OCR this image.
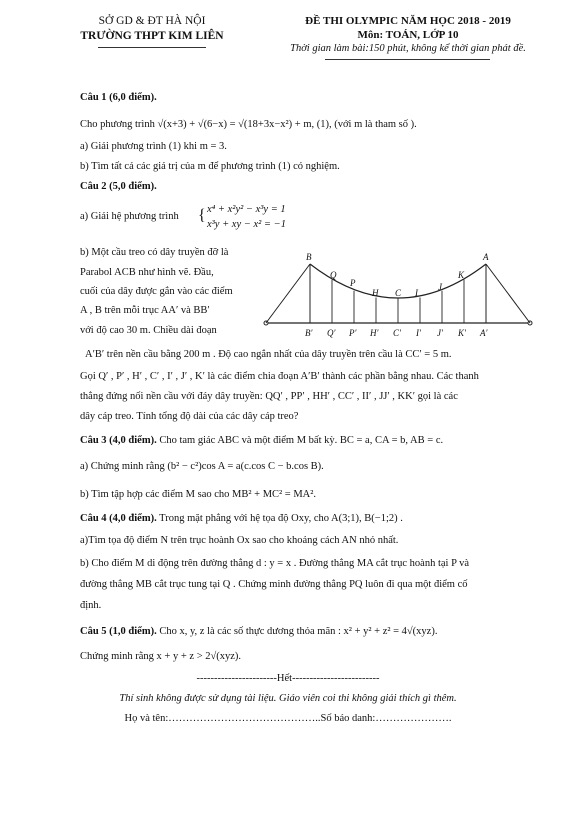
SỞ GD & ĐT HÀ NỘI
TRƯỜNG THPT KIM LIÊN
ĐỀ THI OLYMPIC NĂM HỌC 2018 - 2019
Môn: TOÁN, LỚP 10
Thời gian làm bài:150 phút, không kể thời gian phát đề.
Câu 1 (6,0 điểm).
Cho phương trình √(x+3) + √(6−x) = √(18+3x−x²) + m, (1), (với m là tham số ).
a) Giải phương trình (1) khi m = 3.
b) Tìm tất cả các giá trị của m để phương trình (1) có nghiệm.
Câu 2 (5,0 điểm).
a) Giải hệ phương trình { x⁴ + x²y² − x³y = 1
x³y + xy − x² = −1
b) Một cầu treo có dây truyền đỡ là
Parabol ACB như hình vẽ. Đầu,
cuối của dây được gắn vào các điểm
A , B trên mỗi trục AA′ và BB′
với độ cao 30 m. Chiều dài đoạn
A′B′ trên nền cầu bằng 200 m . Độ cao ngắn nhất của dây truyền trên cầu là CC′ = 5 m.
Gọi Q′ , P′ , H′ , C′ , I′ , J′ , K′ là các điểm chia đoạn A′B′ thành các phần bằng nhau. Các thanh
thẳng đứng nối nền cầu với đáy dây truyền: QQ′ , PP′ , HH′ , CC′ , II′ , JJ′ , KK′ gọi là các
dây cáp treo. Tính tổng độ dài của các dây cáp treo?
Câu 3 (4,0 điểm). Cho tam giác ABC và một điểm M bất kỳ. BC = a, CA = b, AB = c.
a) Chứng minh rằng (b² − c²)cos A = a(c.cos C − b.cos B).
b) Tìm tập hợp các điểm M sao cho MB² + MC² = MA².
Câu 4 (4,0 điểm). Trong mặt phẳng với hệ tọa độ Oxy, cho A(3;1), B(−1;2) .
a)Tìm tọa độ điểm N trên trục hoành Ox sao cho khoảng cách AN nhỏ nhất.
b) Cho điểm M di động trên đường thẳng d : y = x . Đường thẳng MA cắt trục hoành tại P và
đường thẳng MB cắt trục tung tại Q . Chứng minh đường thẳng PQ luôn đi qua một điểm cố
định.
Câu 5 (1,0 điểm). Cho x, y, z là các số thực dương thỏa mãn : x² + y² + z² = 4√(xyz).
Chứng minh rằng x + y + z > 2√(xyz).
B
Q
P
H C I
J
K
A
B′ Q′ P′ H′ C′ I′ J′ K′ A′
-----------------------Hết-------------------------
Thí sinh không được sử dụng tài liệu. Giáo viên coi thi không giải thích gì thêm.
Họ và tên:……………………………………..Số báo danh:………………….
